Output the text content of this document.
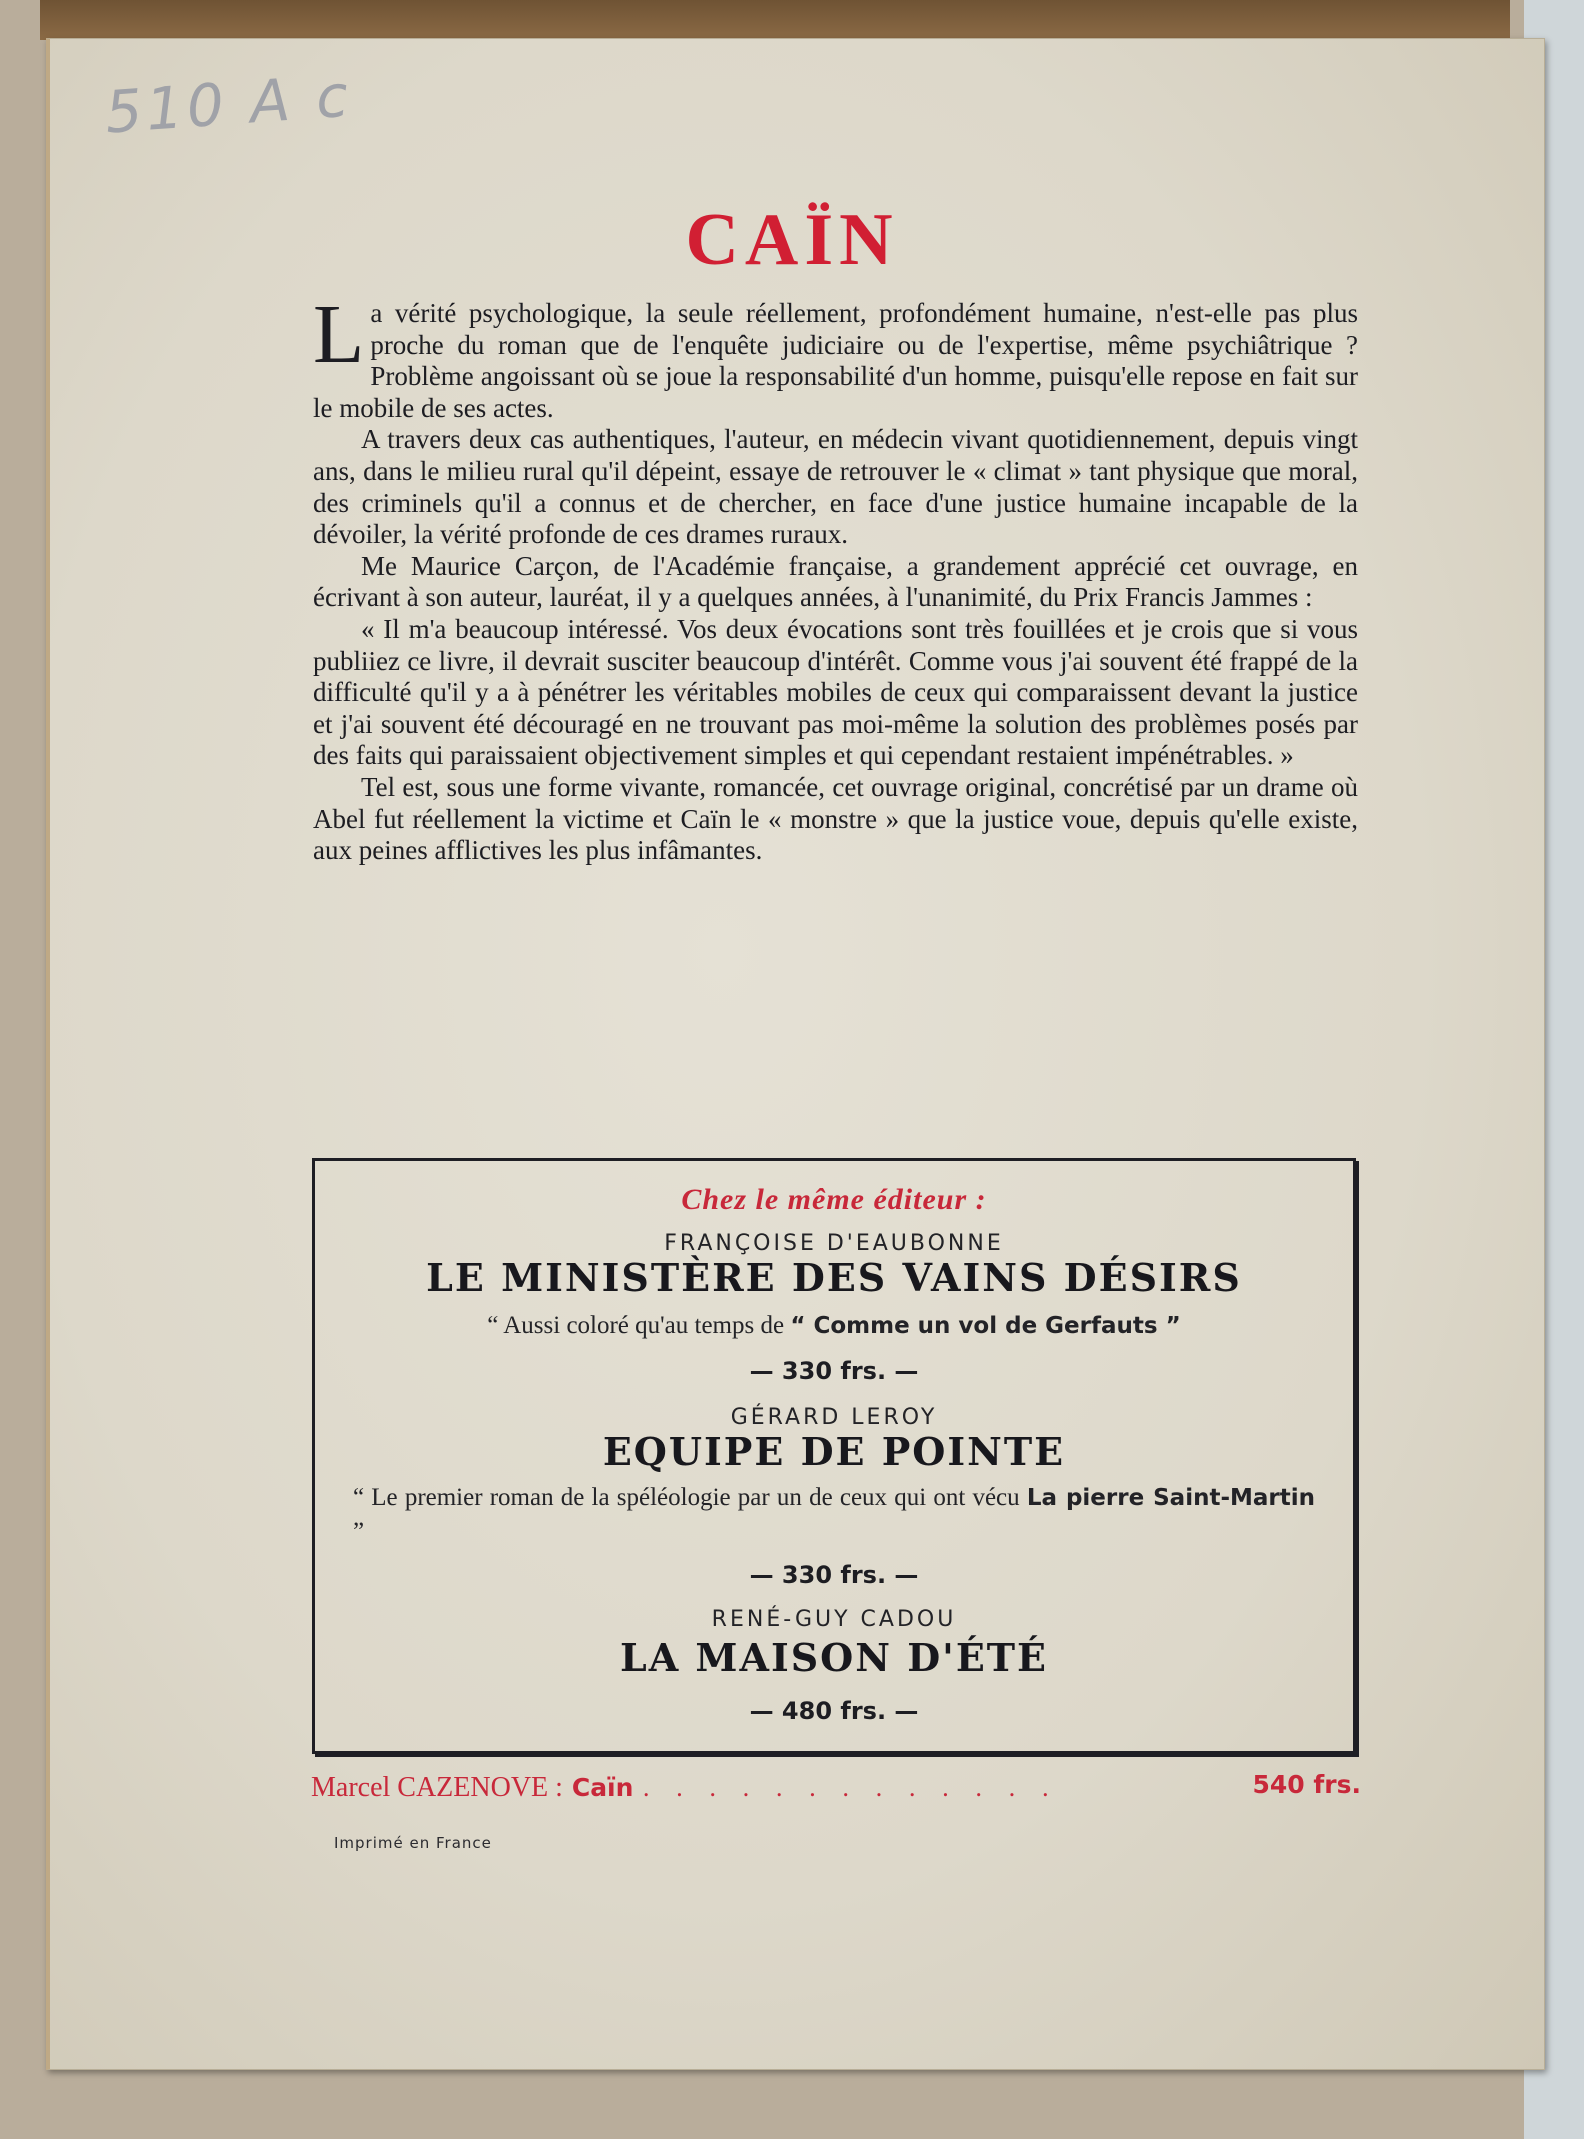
510 A c
CAÏN

La vérité psychologique, la seule réellement, profondément humaine, n'est-elle pas plus proche du roman que de l'enquête judiciaire ou de l'expertise, même psychiâtrique ? Problème angoissant où se joue la responsabilité d'un homme, puisqu'elle repose en fait sur le mobile de ses actes.

A travers deux cas authentiques, l'auteur, en médecin vivant quotidiennement, depuis vingt ans, dans le milieu rural qu'il dépeint, essaye de retrouver le « climat » tant physique que moral, des criminels qu'il a connus et de chercher, en face d'une justice humaine incapable de la dévoiler, la vérité profonde de ces drames ruraux.

Me Maurice Carçon, de l'Académie française, a grandement apprécié cet ouvrage, en écrivant à son auteur, lauréat, il y a quelques années, à l'unanimité, du Prix Francis Jammes :

« Il m'a beaucoup intéressé. Vos deux évocations sont très fouillées et je crois que si vous publiiez ce livre, il devrait susciter beaucoup d'intérêt. Comme vous j'ai souvent été frappé de la difficulté qu'il y a à pénétrer les véritables mobiles de ceux qui comparaissent devant la justice et j'ai souvent été découragé en ne trouvant pas moi-même la solution des problèmes posés par des faits qui paraissaient objectivement simples et qui cependant restaient impénétrables. »

Tel est, sous une forme vivante, romancée, cet ouvrage original, concrétisé par un drame où Abel fut réellement la victime et Caïn le « monstre » que la justice voue, depuis qu'elle existe, aux peines afflictives les plus infâmantes.

Chez le même éditeur :
FRANÇOISE D'EAUBONNE
LE MINISTÈRE DES VAINS DÉSIRS
“ Aussi coloré qu'au temps de “ Comme un vol de Gerfauts ”
— 330 frs. —
GÉRARD LEROY
EQUIPE DE POINTE
“ Le premier roman de la spéléologie par un de ceux qui ont vécu La pierre Saint-Martin ”
— 330 frs. —
RENÉ-GUY CADOU
LA MAISON D'ÉTÉ
— 480 frs. —
Marcel CAZENOVE : Caïn . . . . . . . . . . . . .	540 frs.
Imprimé en France
